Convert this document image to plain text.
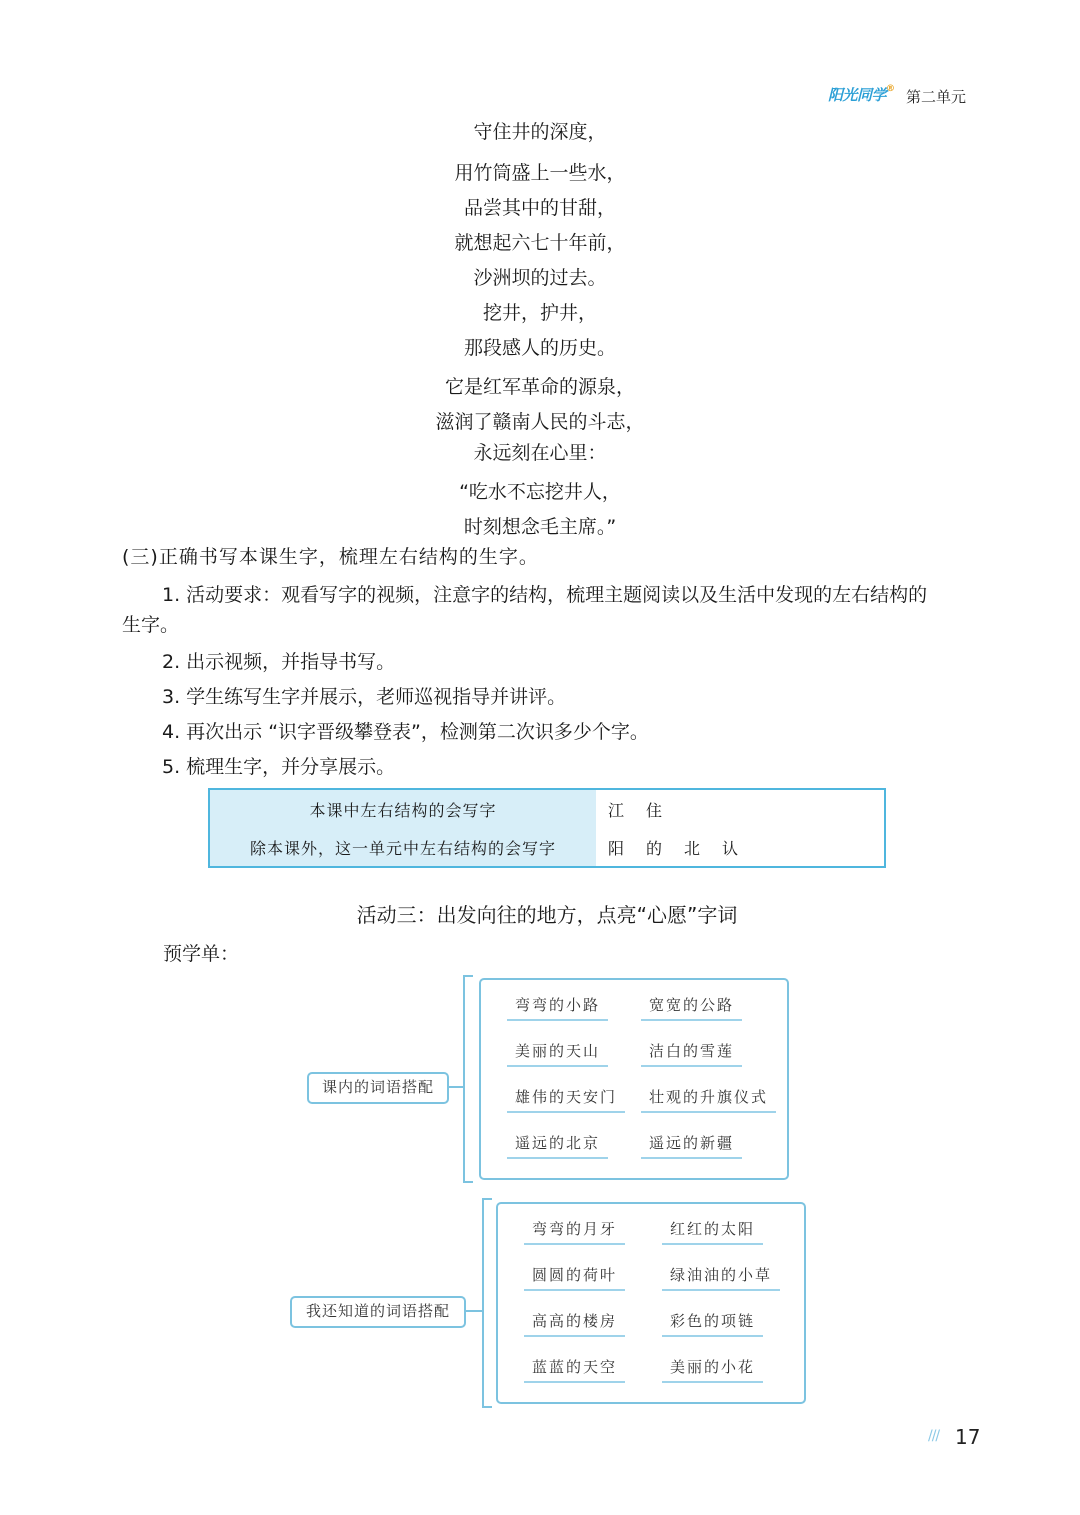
阳光同学® 第二单元
守住井的深度，
用竹筒盛上一些水，
品尝其中的甘甜，
就想起六七十年前，
沙洲坝的过去。
挖井，护井，
那段感人的历史。
它是红军革命的源泉，
滋润了赣南人民的斗志，
永远刻在心里：
“吃水不忘挖井人，
时刻想念毛主席。”
(三)正确书写本课生字，梳理左右结构的生字。
1. 活动要求：观看写字的视频，注意字的结构，梳理主题阅读以及生活中发现的左右结构的
生字。
2. 出示视频，并指导书写。
3. 学生练写生字并展示，老师巡视指导并讲评。
4. 再次出示 “识字晋级攀登表”，检测第二次识多少个字。
5. 梳理生字，并分享展示。
本课中左右结构的会写字	江 住
除本课外，这一单元中左右结构的会写字	阳 的 北 认
活动三：出发向往的地方，点亮“心愿”字词
预学单：
课内的词语搭配
弯弯的小路	宽宽的公路
美丽的天山	洁白的雪莲
雄伟的天安门	壮观的升旗仪式
遥远的北京	遥远的新疆
我还知道的词语搭配
弯弯的月牙	红红的太阳
圆圆的荷叶	绿油油的小草
高高的楼房	彩色的项链
蓝蓝的天空	美丽的小花
/// 17
